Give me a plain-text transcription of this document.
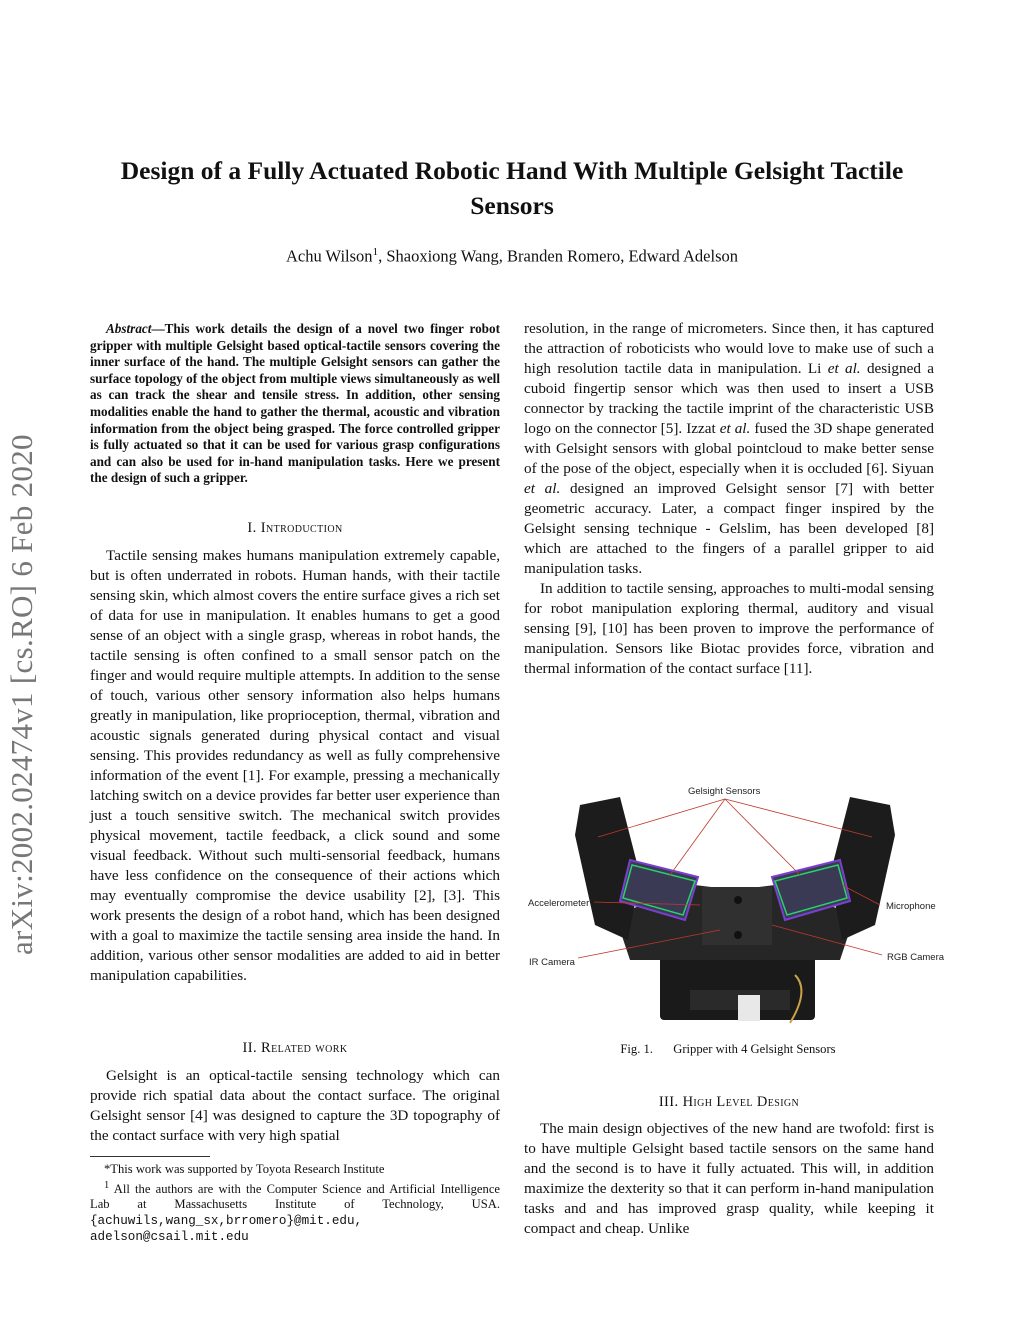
Design of a Fully Actuated Robotic Hand With Multiple Gelsight Tactile Sensors
Achu Wilson$^1$, Shaoxiong Wang, Branden Romero, Edward Adelson
arXiv:2002.02474v1 [cs.RO] 6 Feb 2020
Abstract—This work details the design of a novel two finger robot gripper with multiple Gelsight based optical-tactile sensors covering the inner surface of the hand. The multiple Gelsight sensors can gather the surface topology of the object from multiple views simultaneously as well as can track the shear and tensile stress. In addition, other sensing modalities enable the hand to gather the thermal, acoustic and vibration information from the object being grasped. The force controlled gripper is fully actuated so that it can be used for various grasp configurations and can also be used for in-hand manipulation tasks. Here we present the design of such a gripper.
I. Introduction

Tactile sensing makes humans manipulation extremely capable, but is often underrated in robots. Human hands, with their tactile sensing skin, which almost covers the entire surface gives a rich set of data for use in manipulation. It enables humans to get a good sense of an object with a single grasp, whereas in robot hands, the tactile sensing is often confined to a small sensor patch on the finger and would require multiple attempts. In addition to the sense of touch, various other sensory information also helps humans greatly in manipulation, like proprioception, thermal, vibration and acoustic signals generated during physical contact and visual sensing. This provides redundancy as well as fully comprehensive information of the event [1]. For example, pressing a mechanically latching switch on a device provides far better user experience than just a touch sensitive switch. The mechanical switch provides physical movement, tactile feedback, a click sound and some visual feedback. Without such multi-sensorial feedback, humans have less confidence on the consequence of their actions which may eventually compromise the device usability [2], [3]. This work presents the design of a robot hand, which has been designed with a goal to maximize the tactile sensing area inside the hand. In addition, various other sensor modalities are added to aid in better manipulation capabilities.

II. Related work

Gelsight is an optical-tactile sensing technology which can provide rich spatial data about the contact surface. The original Gelsight sensor [4] was designed to capture the 3D topography of the contact surface with very high spatial

*This work was supported by Toyota Research Institute

$^1$ All the authors are with the Computer Science and Artificial Intelligence Lab at Massachusetts Institute of Technology, USA. {achuwils,wang_sx,brromero}@mit.edu, adelson@csail.mit.edu

resolution, in the range of micrometers. Since then, it has captured the attraction of roboticists who would love to make use of such a high resolution tactile data in manipulation. Li et al. designed a cuboid fingertip sensor which was then used to insert a USB connector by tracking the tactile imprint of the characteristic USB logo on the connector [5]. Izzat et al. fused the 3D shape generated with Gelsight sensors with global pointcloud to make better sense of the pose of the object, especially when it is occluded [6]. Siyuan et al. designed an improved Gelsight sensor [7] with better geometric accuracy. Later, a compact finger inspired by the Gelsight sensing technique - Gelslim, has been developed [8] which are attached to the fingers of a parallel gripper to aid manipulation tasks.

In addition to tactile sensing, approaches to multi-modal sensing for robot manipulation exploring thermal, auditory and visual sensing [9], [10] has been proven to improve the performance of manipulation. Sensors like Biotac provides force, vibration and thermal information of the contact surface [11].

Gelsight Sensors
Accelerometer	Microphone
IR Camera	RGB Camera
Fig. 1. Gripper with 4 Gelsight Sensors
III. High Level Design

The main design objectives of the new hand are twofold: first is to have multiple Gelsight based tactile sensors on the same hand and the second is to have it fully actuated. This will, in addition maximize the dexterity so that it can perform in-hand manipulation tasks and and has improved grasp quality, while keeping it compact and cheap. Unlike
